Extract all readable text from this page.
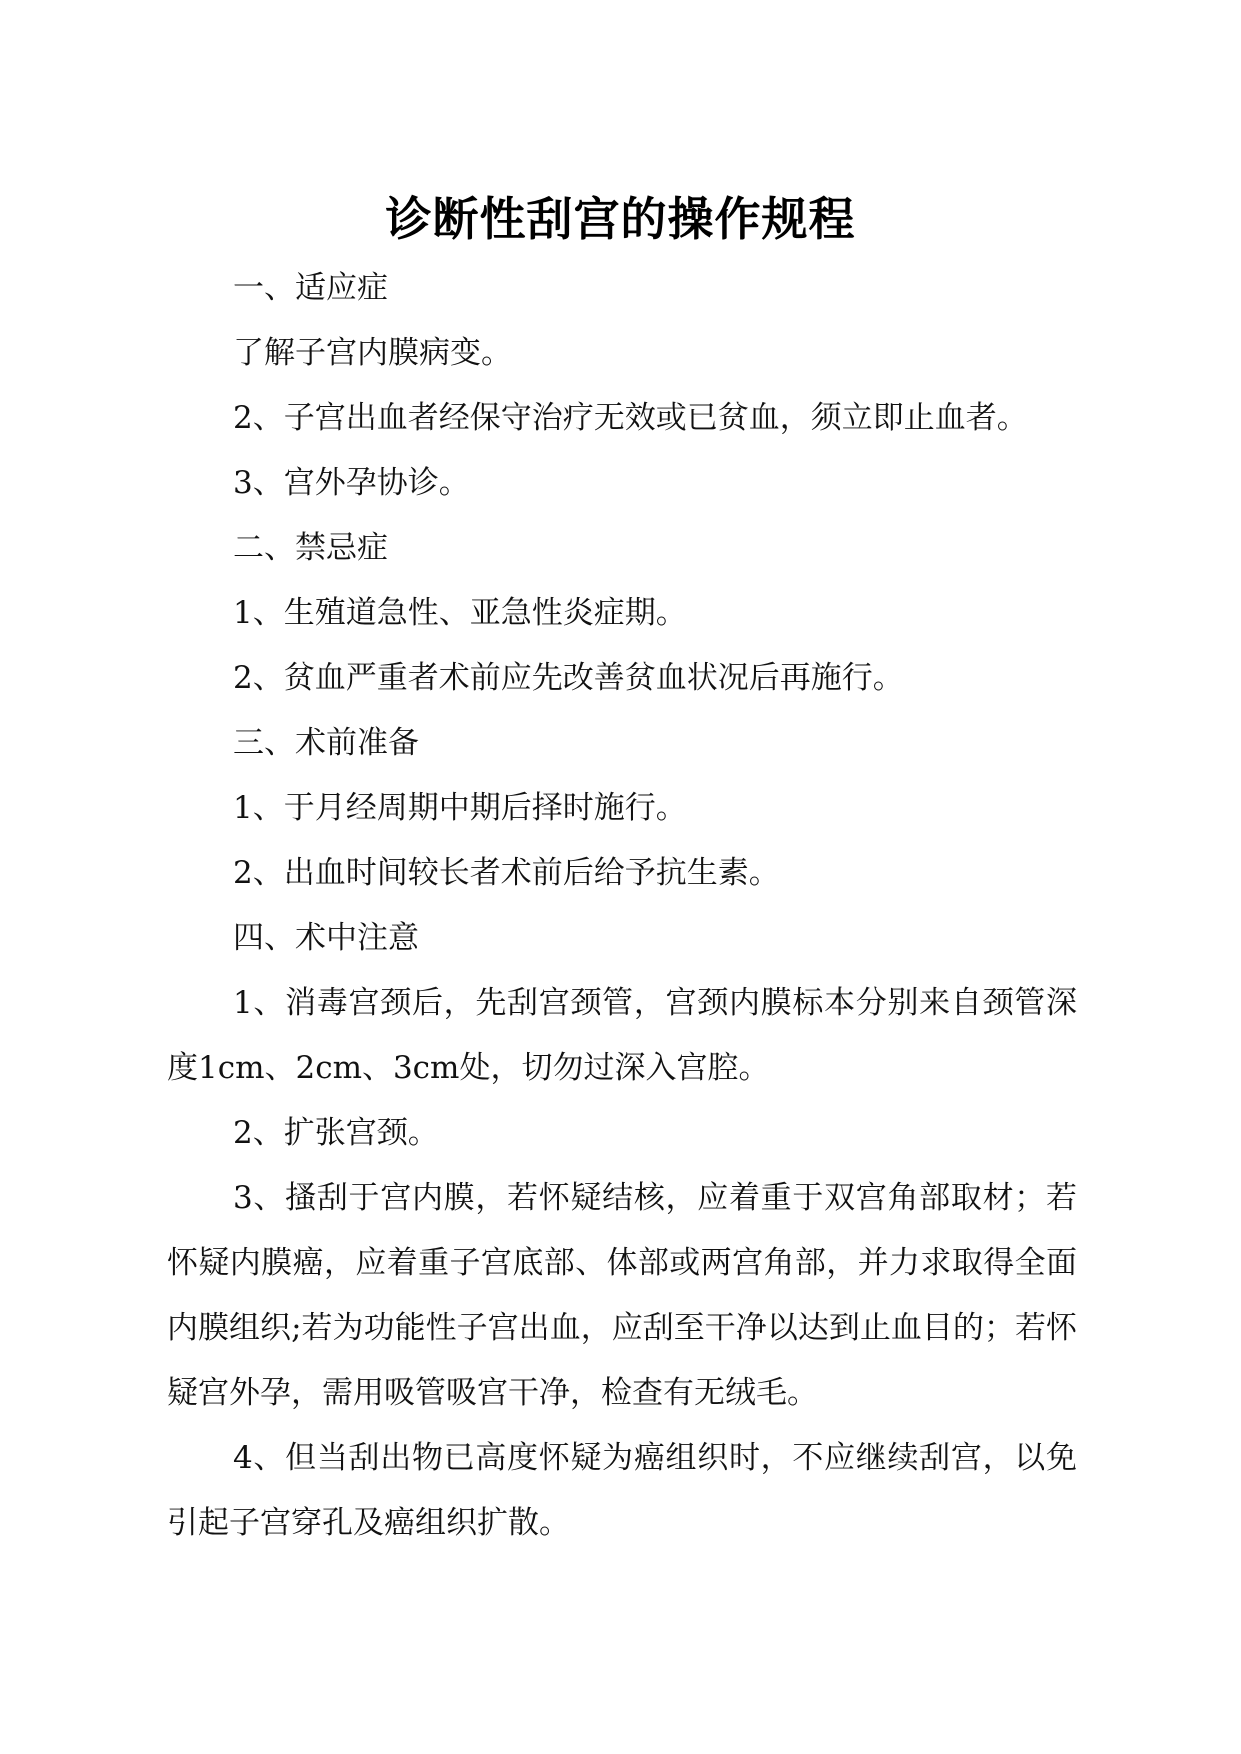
诊断性刮宫的操作规程

一、适应症

了解子宫内膜病变。

2、子宫出血者经保守治疗无效或已贫血，须立即止血者。

3、宫外孕协诊。

二、禁忌症

1、生殖道急性、亚急性炎症期。

2、贫血严重者术前应先改善贫血状况后再施行。

三、术前准备

1、于月经周期中期后择时施行。

2、出血时间较长者术前后给予抗生素。

四、术中注意

1、消毒宫颈后，先刮宫颈管，宫颈内膜标本分别来自颈管深度1cm、2cm、3cm处，切勿过深入宫腔。

2、扩张宫颈。

3、搔刮于宫内膜，若怀疑结核，应着重于双宫角部取材；若怀疑内膜癌，应着重子宫底部、体部或两宫角部，并力求取得全面内膜组织;若为功能性子宫出血，应刮至干净以达到止血目的；若怀疑宫外孕，需用吸管吸宫干净，检查有无绒毛。

4、但当刮出物已高度怀疑为癌组织时，不应继续刮宫，以免引起子宫穿孔及癌组织扩散。
